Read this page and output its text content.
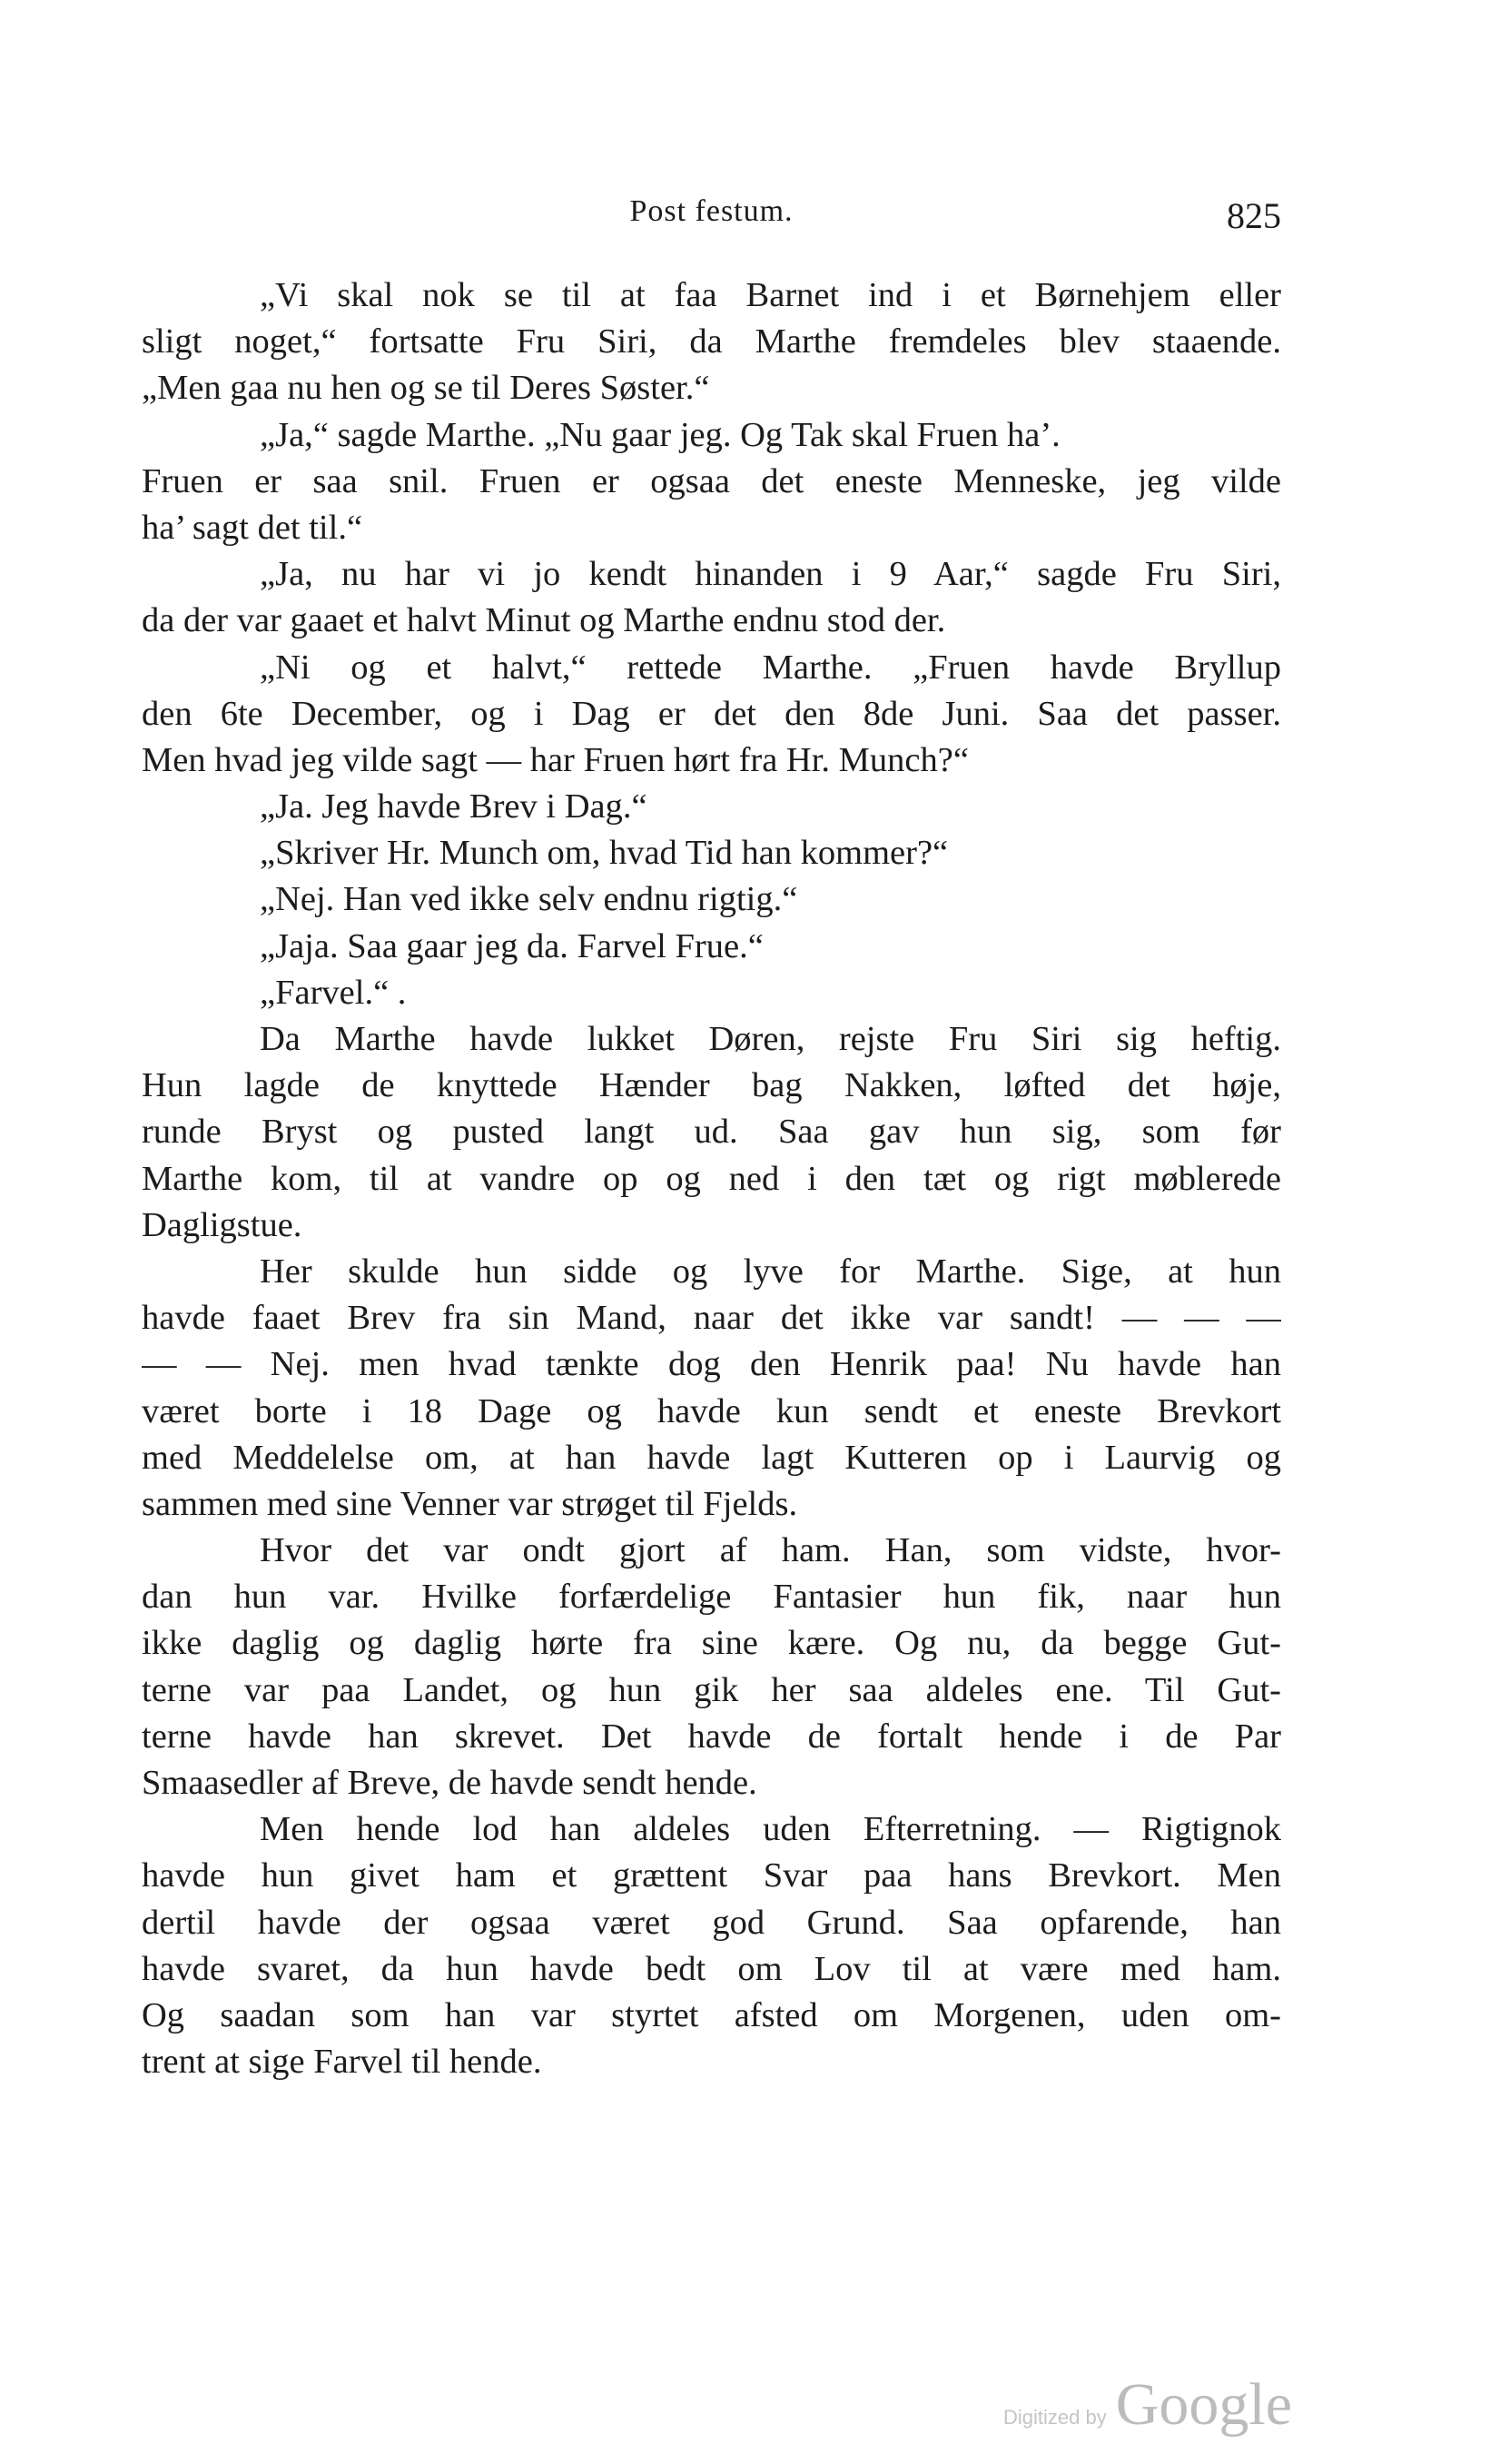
Post festum.	825
„Vi skal nok se til at faa Barnet ind i et Børnehjem eller
sligt noget,“ fortsatte Fru Siri, da Marthe fremdeles blev staaende.
„Men gaa nu hen og se til Deres Søster.“
„Ja,“ sagde Marthe. „Nu gaar jeg. Og Tak skal Fruen ha’.
Fruen er saa snil. Fruen er ogsaa det eneste Menneske, jeg vilde
ha’ sagt det til.“
„Ja, nu har vi jo kendt hinanden i 9 Aar,“ sagde Fru Siri,
da der var gaaet et halvt Minut og Marthe endnu stod der.
„Ni og et halvt,“ rettede Marthe. „Fruen havde Bryllup
den 6te December, og i Dag er det den 8de Juni. Saa det passer.
Men hvad jeg vilde sagt — har Fruen hørt fra Hr. Munch?“
„Ja. Jeg havde Brev i Dag.“
„Skriver Hr. Munch om, hvad Tid han kommer?“
„Nej. Han ved ikke selv endnu rigtig.“
„Jaja. Saa gaar jeg da. Farvel Frue.“
„Farvel.“ .
Da Marthe havde lukket Døren, rejste Fru Siri sig heftig.
Hun lagde de knyttede Hænder bag Nakken, løfted det høje,
runde Bryst og pusted langt ud. Saa gav hun sig, som før
Marthe kom, til at vandre op og ned i den tæt og rigt møblerede
Dagligstue.
Her skulde hun sidde og lyve for Marthe. Sige, at hun
havde faaet Brev fra sin Mand, naar det ikke var sandt! — — —
— — Nej. men hvad tænkte dog den Henrik paa! Nu havde han
været borte i 18 Dage og havde kun sendt et eneste Brevkort
med Meddelelse om, at han havde lagt Kutteren op i Laurvig og
sammen med sine Venner var strøget til Fjelds.
Hvor det var ondt gjort af ham. Han, som vidste, hvor-
dan hun var. Hvilke forfærdelige Fantasier hun fik, naar hun
ikke daglig og daglig hørte fra sine kære. Og nu, da begge Gut-
terne var paa Landet, og hun gik her saa aldeles ene. Til Gut-
terne havde han skrevet. Det havde de fortalt hende i de Par
Smaasedler af Breve, de havde sendt hende.
Men hende lod han aldeles uden Efterretning. — Rigtignok
havde hun givet ham et grættent Svar paa hans Brevkort. Men
dertil havde der ogsaa været god Grund. Saa opfarende, han
havde svaret, da hun havde bedt om Lov til at være med ham.
Og saadan som han var styrtet afsted om Morgenen, uden om-
trent at sige Farvel til hende.
Digitized by Google
